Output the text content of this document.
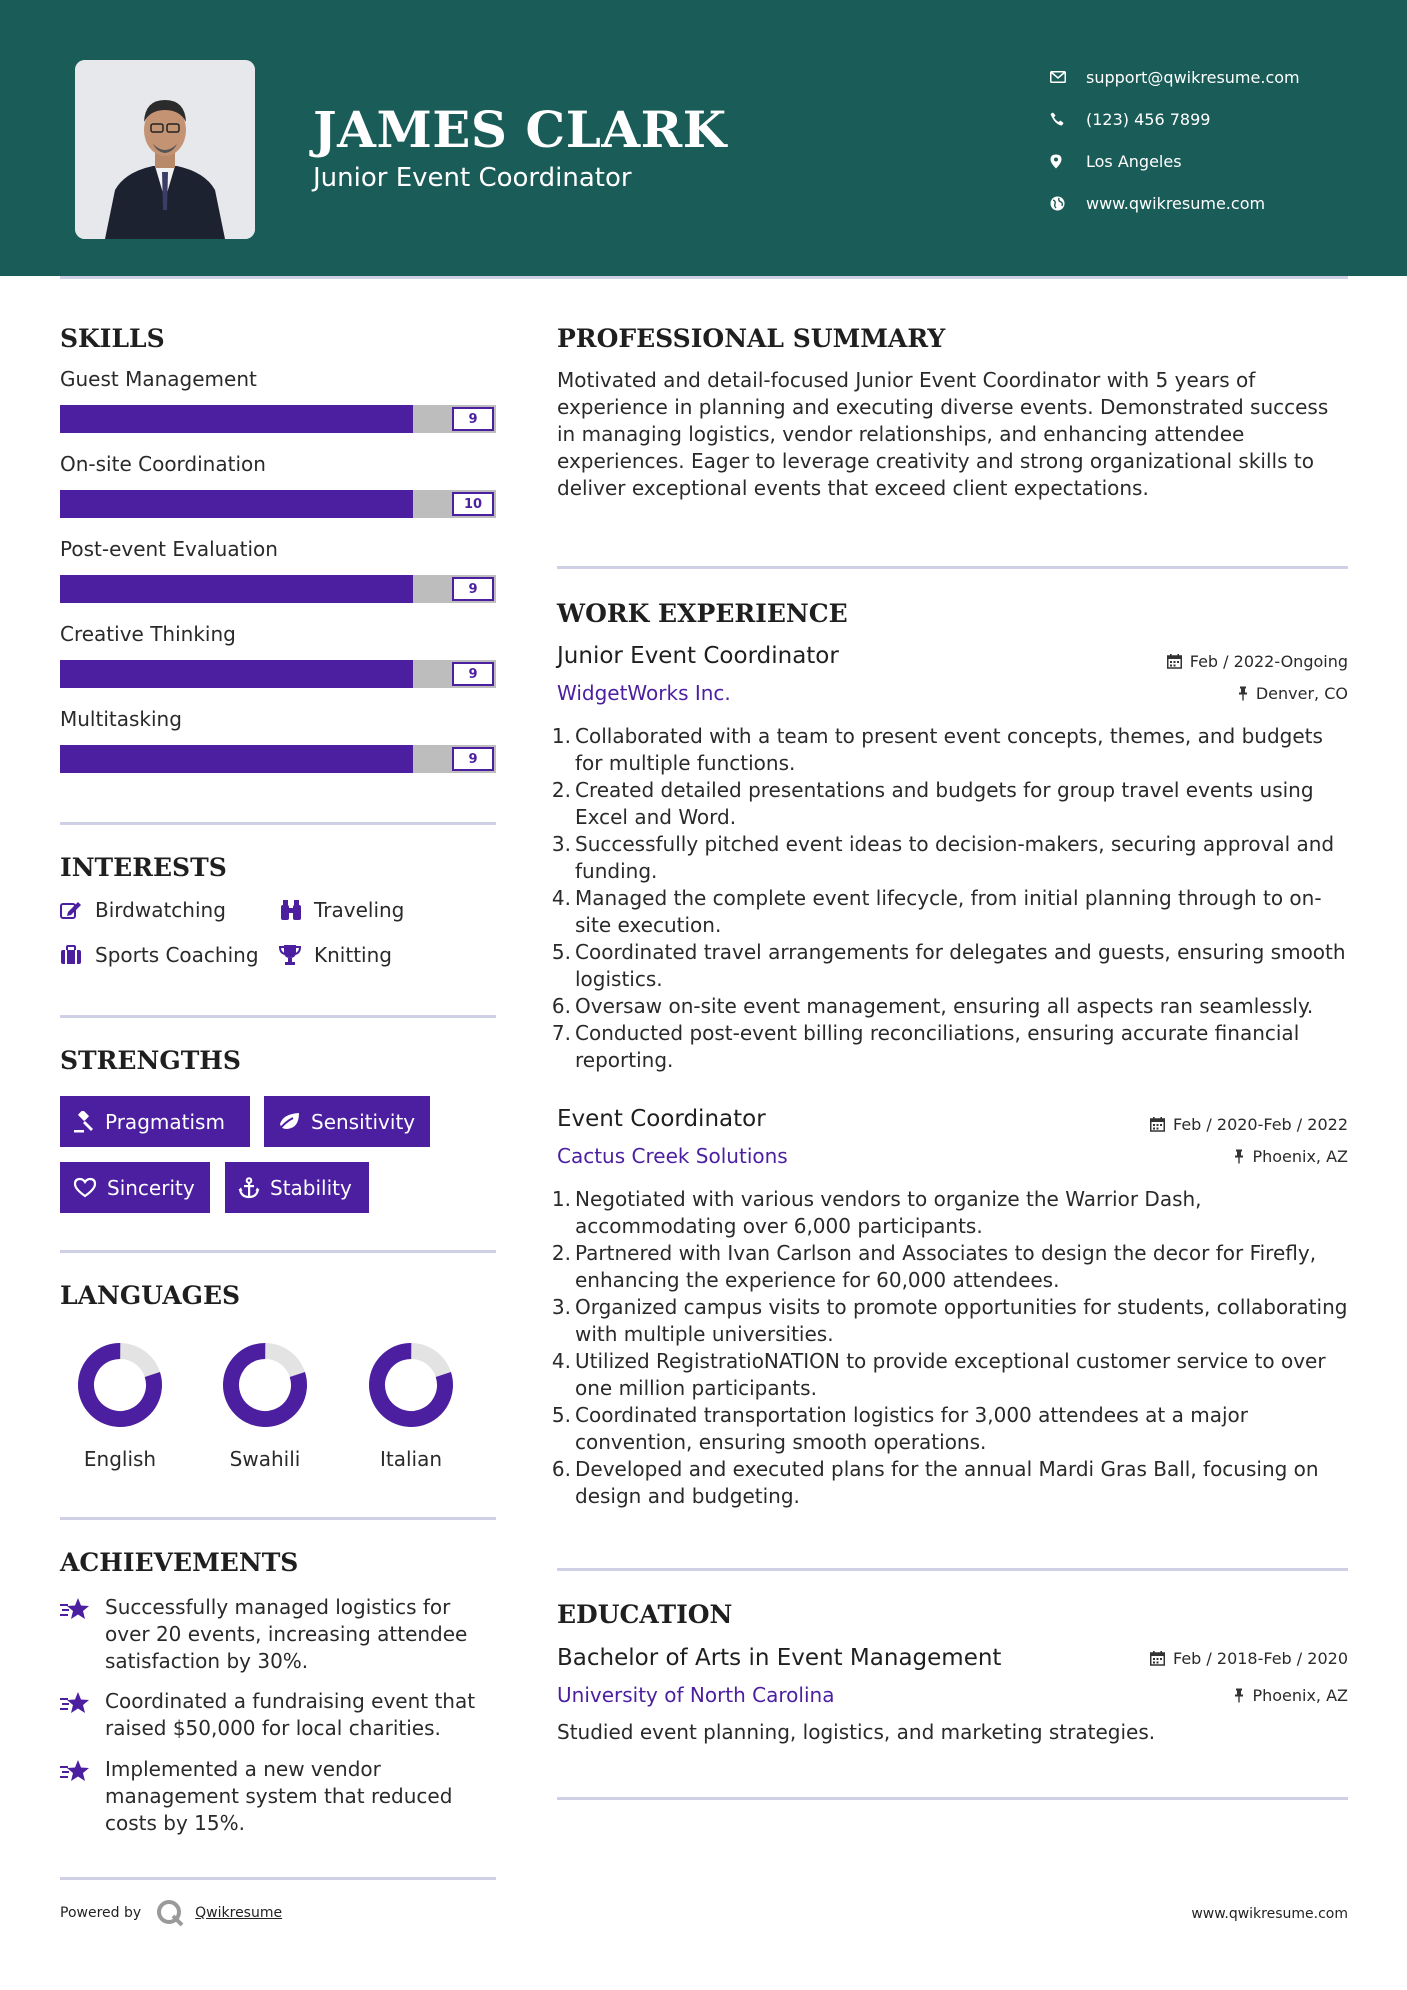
JAMES CLARK
Junior Event Coordinator
support@qwikresume.com
(123) 456 7899
Los Angeles
www.qwikresume.com
SKILLS
Guest Management
9
On-site Coordination
10
Post-event Evaluation
9
Creative Thinking
9
Multitasking
9
INTERESTS
Birdwatching	Traveling
Sports Coaching	Knitting
STRENGTHS
Pragmatism	Sensitivity
Sincerity	Stability
LANGUAGES
English	Swahili	Italian
ACHIEVEMENTS
Successfully managed logistics for over 20 events, increasing attendee satisfaction by 30%.
Coordinated a fundraising event that raised $50,000 for local charities.
Implemented a new vendor management system that reduced costs by 15%.
PROFESSIONAL SUMMARY
Motivated and detail-focused Junior Event Coordinator with 5 years of experience in planning and executing diverse events. Demonstrated success in managing logistics, vendor relationships, and enhancing attendee experiences. Eager to leverage creativity and strong organizational skills to deliver exceptional events that exceed client expectations.
WORK EXPERIENCE
Junior Event Coordinator	Feb / 2022-Ongoing
WidgetWorks Inc.	Denver, CO
1. Collaborated with a team to present event concepts, themes, and budgets for multiple functions.
2. Created detailed presentations and budgets for group travel events using Excel and Word.
3. Successfully pitched event ideas to decision-makers, securing approval and funding.
4. Managed the complete event lifecycle, from initial planning through to on-site execution.
5. Coordinated travel arrangements for delegates and guests, ensuring smooth logistics.
6. Oversaw on-site event management, ensuring all aspects ran seamlessly.
7. Conducted post-event billing reconciliations, ensuring accurate financial reporting.
Event Coordinator	Feb / 2020-Feb / 2022
Cactus Creek Solutions	Phoenix, AZ
1. Negotiated with various vendors to organize the Warrior Dash, accommodating over 6,000 participants.
2. Partnered with Ivan Carlson and Associates to design the decor for Firefly, enhancing the experience for 60,000 attendees.
3. Organized campus visits to promote opportunities for students, collaborating with multiple universities.
4. Utilized RegistratioNATION to provide exceptional customer service to over one million participants.
5. Coordinated transportation logistics for 3,000 attendees at a major convention, ensuring smooth operations.
6. Developed and executed plans for the annual Mardi Gras Ball, focusing on design and budgeting.
EDUCATION
Bachelor of Arts in Event Management	Feb / 2018-Feb / 2020
University of North Carolina	Phoenix, AZ
Studied event planning, logistics, and marketing strategies.
Powered by	Qwikresume	www.qwikresume.com
